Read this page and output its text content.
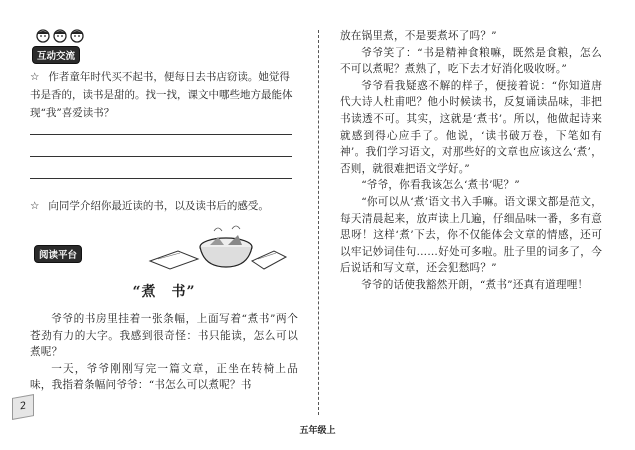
互动交流

☆ 作者童年时代买不起书，便每日去书店窃读。她觉得书是香的，读书是甜的。找一找，课文中哪些地方最能体现“我”喜爱读书？

☆ 向同学介绍你最近读的书，以及读书后的感受。

阅读平台

“煮　书”

爷爷的书房里挂着一张条幅，上面写着“煮书”两个苍劲有力的大字。我感到很奇怪：书只能读，怎么可以煮呢？

一天，爷爷刚刚写完一篇文章，正坐在转椅上品味，我指着条幅问爷爷：“书怎么可以煮呢？书

放在锅里煮，不是要煮坏了吗？”

爷爷笑了：“书是精神食粮嘛，既然是食粮，怎么不可以煮呢？煮熟了，吃下去才好消化吸收呀。”

爷爷看我疑惑不解的样子，便接着说：“你知道唐代大诗人杜甫吧？他小时候读书，反复诵读品味，非把书读透不可。其实，这就是‘煮书’。所以，他做起诗来就感到得心应手了。他说，‘读书破万卷，下笔如有神’。我们学习语文，对那些好的文章也应该这么‘煮’，否则，就很难把语文学好。”

“爷爷，你看我该怎么‘煮书’呢？”

“你可以从‘煮’语文书入手嘛。语文课文都是范文，每天清晨起来，放声读上几遍，仔细品味一番，多有意思呀！这样‘煮’下去，你不仅能体会文章的情感，还可以牢记妙词佳句……好处可多啦。肚子里的词多了，今后说话和写文章，还会犯愁吗？”

爷爷的话使我豁然开朗，“煮书”还真有道理哩！

2
五年级上
